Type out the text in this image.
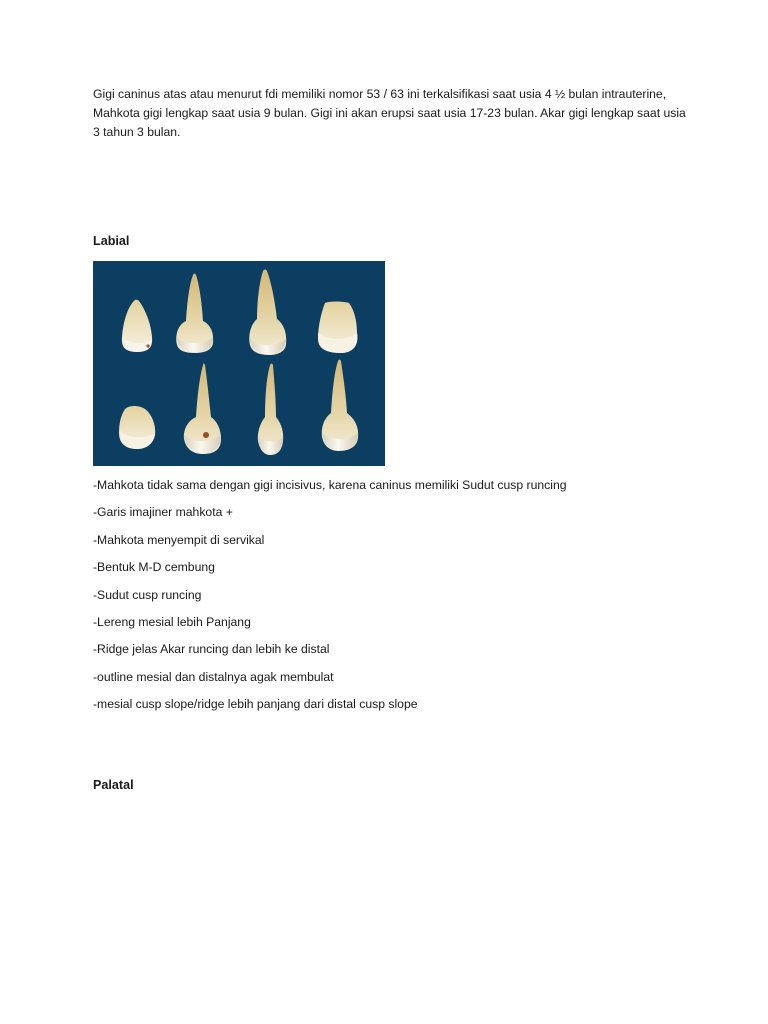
Gigi caninus atas atau menurut fdi memiliki nomor 53 / 63 ini terkalsifikasi saat usia 4 ½ bulan intrauterine, Mahkota gigi lengkap saat usia 9 bulan. Gigi ini akan erupsi saat usia 17-23 bulan. Akar gigi lengkap saat usia 3 tahun 3 bulan.

Labial
-Mahkota tidak sama dengan gigi incisivus, karena caninus memiliki Sudut cusp runcing
-Garis imajiner mahkota +
-Mahkota menyempit di servikal
-Bentuk M-D cembung
-Sudut cusp runcing
-Lereng mesial lebih Panjang
-Ridge jelas Akar runcing dan lebih ke distal
-outline mesial dan distalnya agak membulat
-mesial cusp slope/ridge lebih panjang dari distal cusp slope
Palatal
